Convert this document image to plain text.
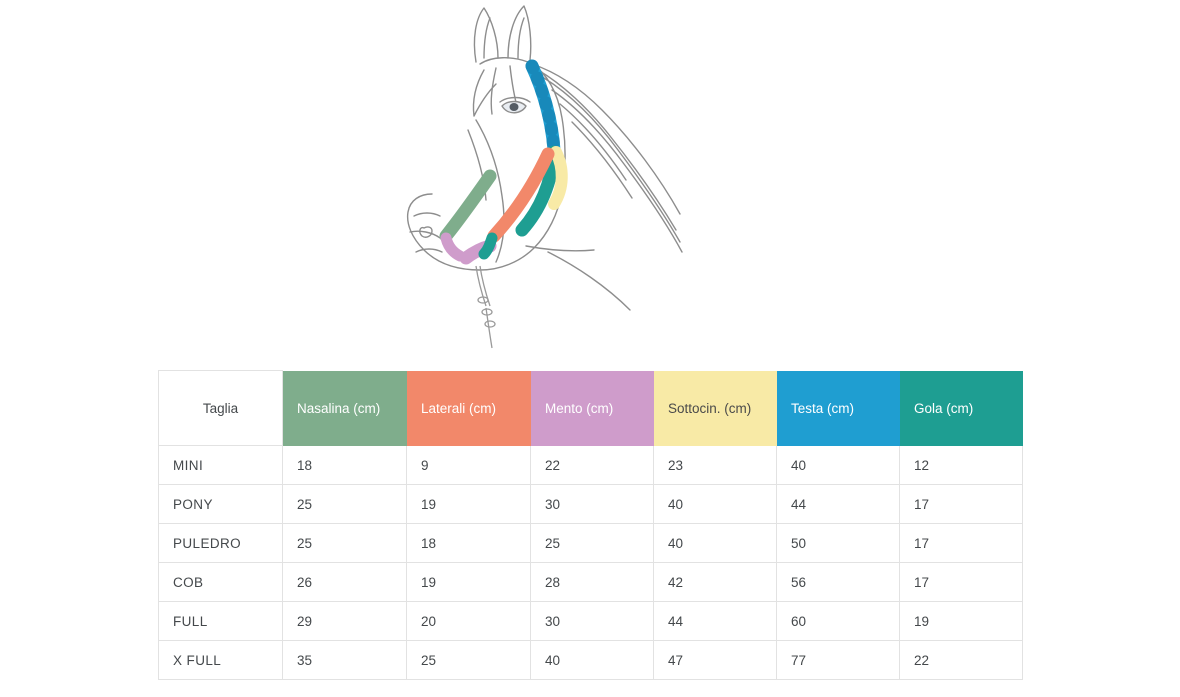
Taglia	Nasalina (cm)	Laterali (cm)	Mento (cm)	Sottocin. (cm)	Testa (cm)	Gola (cm)
MINI	18	9	22	23	40	12
PONY	25	19	30	40	44	17
PULEDRO	25	18	25	40	50	17
COB	26	19	28	42	56	17
FULL	29	20	30	44	60	19
X FULL	35	25	40	47	77	22
